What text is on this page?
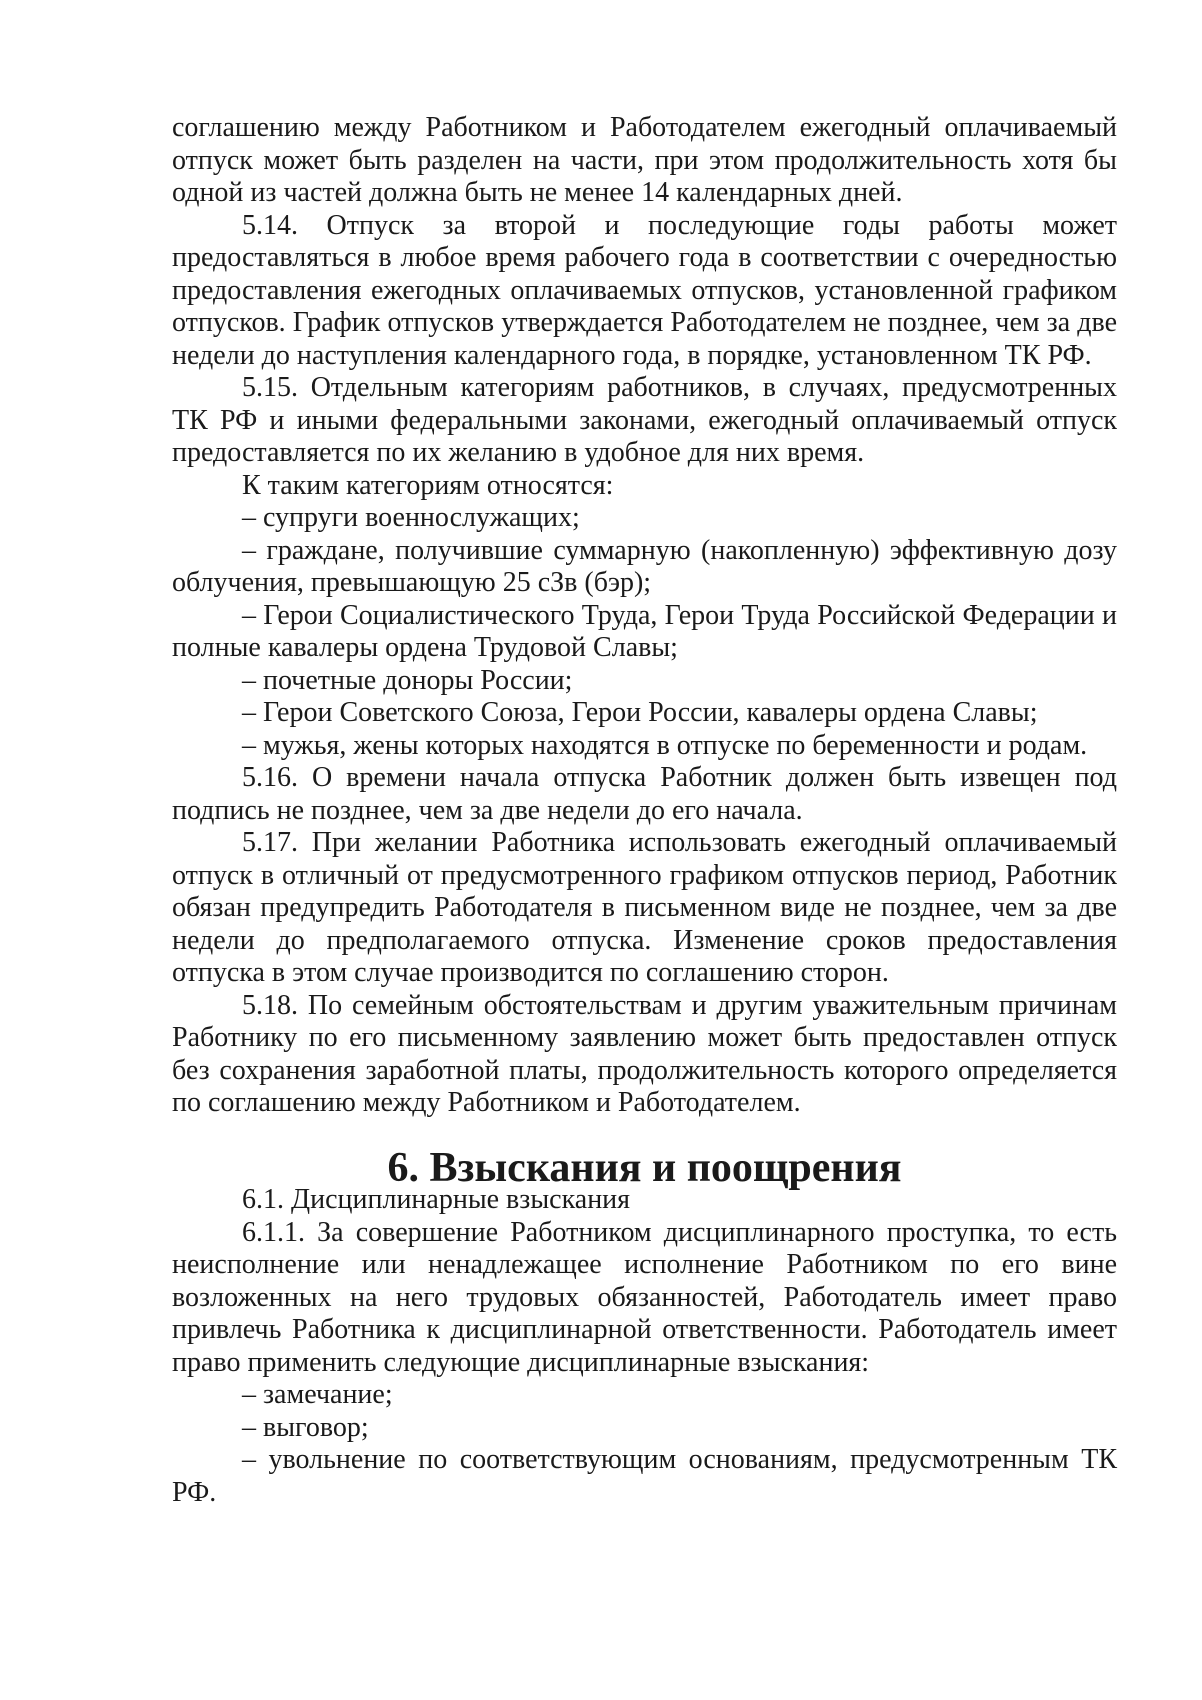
соглашению между Работником и Работодателем ежегодный оплачиваемый отпуск может быть разделен на части, при этом продолжительность хотя бы одной из частей должна быть не менее 14 календарных дней.

5.14. Отпуск за второй и последующие годы работы может предоставляться в любое время рабочего года в соответствии с очередностью предоставления ежегодных оплачиваемых отпусков, установленной графиком отпусков. График отпусков утверждается Работодателем не позднее, чем за две недели до наступления календарного года, в порядке, установленном ТК РФ.

5.15. Отдельным категориям работников, в случаях, предусмотренных ТК РФ и иными федеральными законами, ежегодный оплачиваемый отпуск предоставляется по их желанию в удобное для них время.

К таким категориям относятся:

– супруги военнослужащих;

– граждане, получившие суммарную (накопленную) эффективную дозу облучения, превышающую 25 сЗв (бэр);

– Герои Социалистического Труда, Герои Труда Российской Федерации и полные кавалеры ордена Трудовой Славы;

– почетные доноры России;

– Герои Советского Союза, Герои России, кавалеры ордена Славы;

– мужья, жены которых находятся в отпуске по беременности и родам.

5.16. О времени начала отпуска Работник должен быть извещен под подпись не позднее, чем за две недели до его начала.

5.17. При желании Работника использовать ежегодный оплачиваемый отпуск в отличный от предусмотренного графиком отпусков период, Работник обязан предупредить Работодателя в письменном виде не позднее, чем за две недели до предполагаемого отпуска. Изменение сроков предоставления отпуска в этом случае производится по соглашению сторон.

5.18. По семейным обстоятельствам и другим уважительным причинам Работнику по его письменному заявлению может быть предоставлен отпуск без сохранения заработной платы, продолжительность которого определяется по соглашению между Работником и Работодателем.

6. Взыскания и поощрения

6.1. Дисциплинарные взыскания

6.1.1. За совершение Работником дисциплинарного проступка, то есть неисполнение или ненадлежащее исполнение Работником по его вине возложенных на него трудовых обязанностей, Работодатель имеет право привлечь Работника к дисциплинарной ответственности. Работодатель имеет право применить следующие дисциплинарные взыскания:

– замечание;

– выговор;

– увольнение по соответствующим основаниям, предусмотренным ТК РФ.
